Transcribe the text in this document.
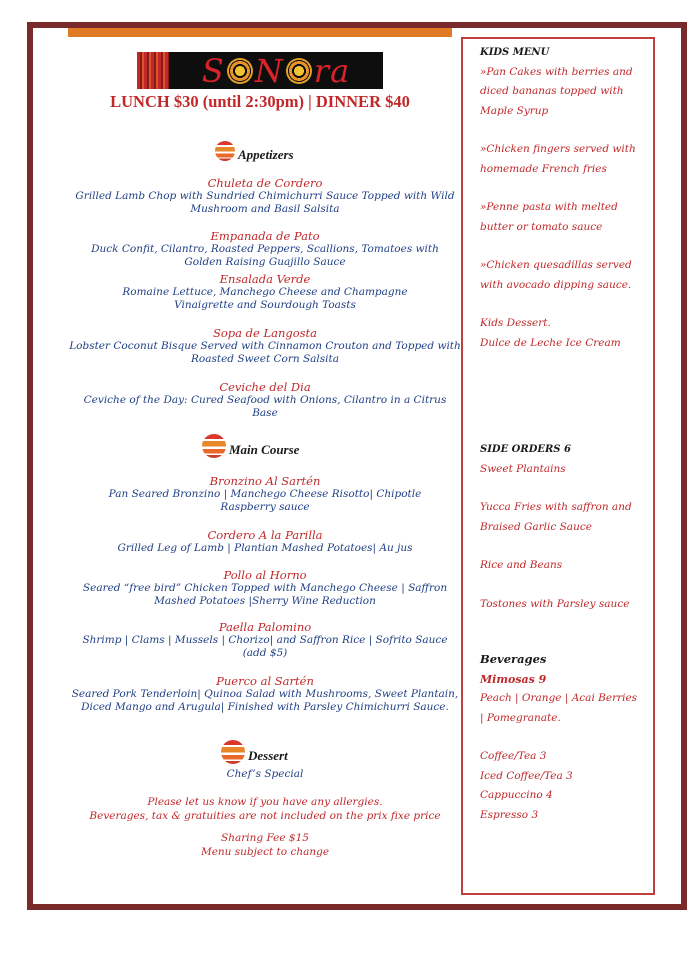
S N ra
LUNCH $30 (until 2:30pm) | DINNER $40
Appetizers
Chuleta de Cordero
Grilled Lamb Chop with Sundried Chimichurri Sauce Topped with Wild Mushroom and Basil Salsita
Empanada de Pato
Duck Confit, Cilantro, Roasted Peppers, Scallions, Tomatoes with Golden Raising Guajillo Sauce
Ensalada Verde
Romaine Lettuce, Manchego Cheese and Champagne Vinaigrette and Sourdough Toasts
Sopa de Langosta
Lobster Coconut Bisque Served with Cinnamon Crouton and Topped with Roasted Sweet Corn Salsita
Ceviche del Dia
Ceviche of the Day: Cured Seafood with Onions, Cilantro in a Citrus Base
Main Course
Bronzino Al Sartén
Pan Seared Bronzino | Manchego Cheese Risotto| Chipotle Raspberry sauce
Cordero A la Parilla
Grilled Leg of Lamb | Plantian Mashed Potatoes| Au jus
Pollo al Horno
Seared “free bird” Chicken Topped with Manchego Cheese | Saffron Mashed Potatoes |Sherry Wine Reduction
Paella Palomino
Shrimp | Clams | Mussels | Chorizo| and Saffron Rice | Sofrito Sauce (add $5)
Puerco al Sartén
Seared Pork Tenderloin| Quinoa Salad with Mushrooms, Sweet Plantain, Diced Mango and Arugula| Finished with Parsley Chimichurri Sauce.
Dessert
Chef’s Special
Please let us know if you have any allergies.
Beverages, tax & gratuities are not included on the prix fixe price
Sharing Fee $15
Menu subject to change
KIDS MENU
»Pan Cakes with berries and diced bananas topped with Maple Syrup
»Chicken fingers served with homemade French fries
»Penne pasta with melted butter or tomato sauce
»Chicken quesadillas served with avocado dipping sauce.
Kids Dessert.
Dulce de Leche Ice Cream
SIDE ORDERS 6
Sweet Plantains
Yucca Fries with saffron and Braised Garlic Sauce
Rice and Beans
Tostones with Parsley sauce
Beverages
Mimosas 9
Peach | Orange | Acai Berries | Pomegranate.
Coffee/Tea 3
Iced Coffee/Tea 3
Cappuccino 4
Espresso 3
